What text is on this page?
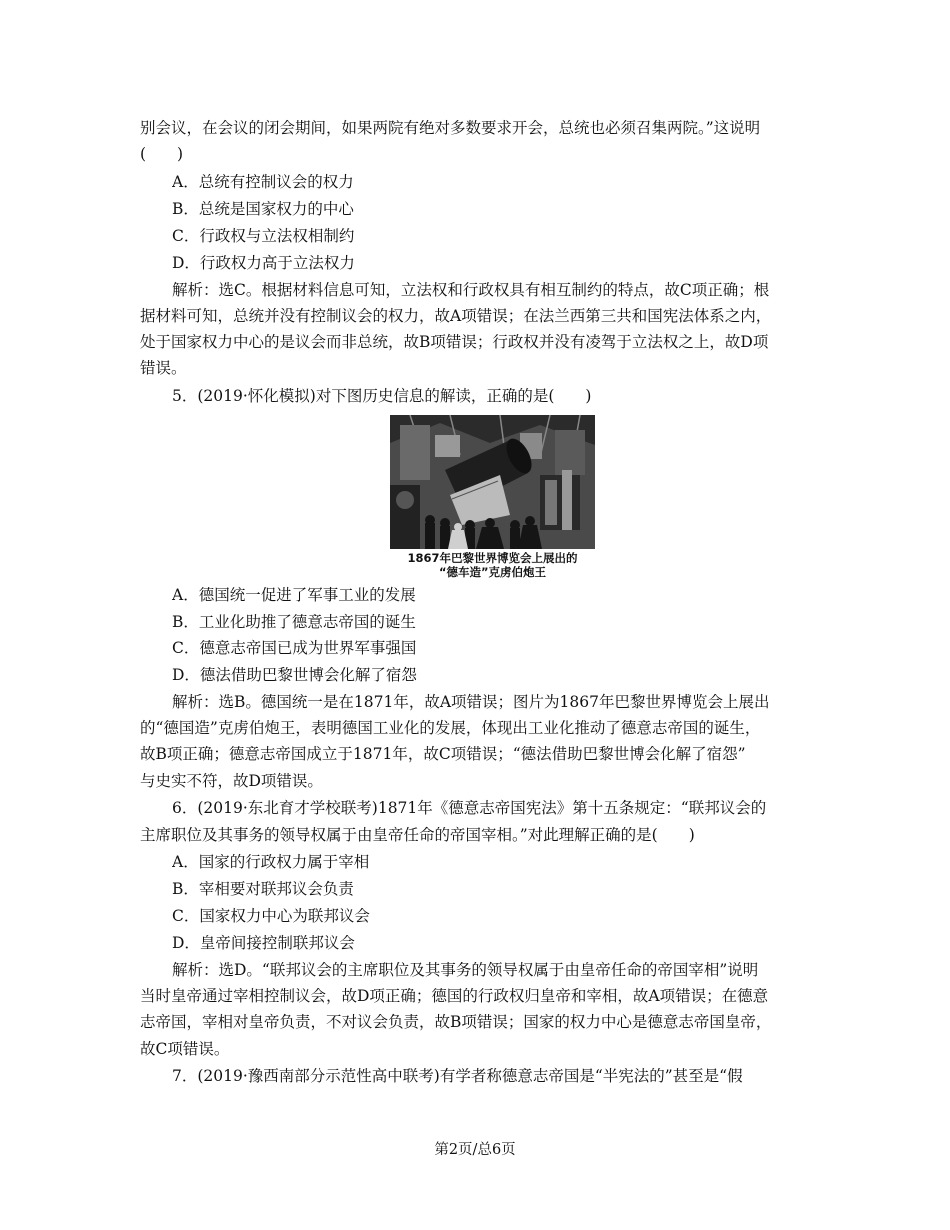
别会议，在会议的闭会期间，如果两院有绝对多数要求开会，总统也必须召集两院。”这说明
(　　)
A．总统有控制议会的权力
B．总统是国家权力的中心
C．行政权与立法权相制约
D．行政权力高于立法权力
解析：选C。根据材料信息可知，立法权和行政权具有相互制约的特点，故C项正确；根
据材料可知，总统并没有控制议会的权力，故A项错误；在法兰西第三共和国宪法体系之内，
处于国家权力中心的是议会而非总统，故B项错误；行政权并没有凌驾于立法权之上，故D项
错误。
5．(2019·怀化模拟)对下图历史信息的解读，正确的是(　　)
1867年巴黎世界博览会上展出的
“德车造”克虏伯炮王
A．德国统一促进了军事工业的发展
B．工业化助推了德意志帝国的诞生
C．德意志帝国已成为世界军事强国
D．德法借助巴黎世博会化解了宿怨
解析：选B。德国统一是在1871年，故A项错误；图片为1867年巴黎世界博览会上展出
的“德国造”克虏伯炮王，表明德国工业化的发展，体现出工业化推动了德意志帝国的诞生，
故B项正确；德意志帝国成立于1871年，故C项错误；“德法借助巴黎世博会化解了宿怨”
与史实不符，故D项错误。
6．(2019·东北育才学校联考)1871年《德意志帝国宪法》第十五条规定：“联邦议会的
主席职位及其事务的领导权属于由皇帝任命的帝国宰相。”对此理解正确的是(　　)
A．国家的行政权力属于宰相
B．宰相要对联邦议会负责
C．国家权力中心为联邦议会
D．皇帝间接控制联邦议会
解析：选D。“联邦议会的主席职位及其事务的领导权属于由皇帝任命的帝国宰相”说明
当时皇帝通过宰相控制议会，故D项正确；德国的行政权归皇帝和宰相，故A项错误；在德意
志帝国，宰相对皇帝负责，不对议会负责，故B项错误；国家的权力中心是德意志帝国皇帝，
故C项错误。
7．(2019·豫西南部分示范性高中联考)有学者称德意志帝国是“半宪法的”甚至是“假
第2页/总6页
